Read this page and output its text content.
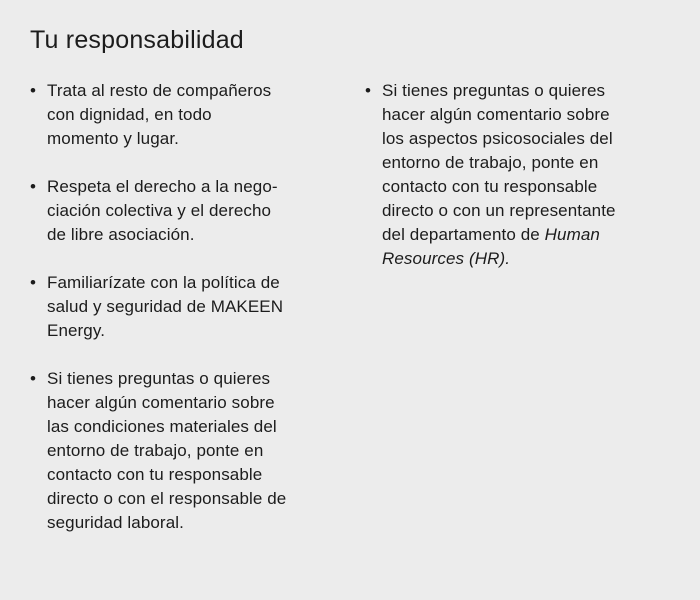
Tu responsabilidad
• Trata al resto de compañeros
con dignidad, en todo
momento y lugar.
• Respeta el derecho a la nego-
ciación colectiva y el derecho
de libre asociación.
• Familiarízate con la política de
salud y seguridad de MAKEEN
Energy.
• Si tienes preguntas o quieres
hacer algún comentario sobre
las condiciones materiales del
entorno de trabajo, ponte en
contacto con tu responsable
directo o con el responsable de
seguridad laboral.
• Si tienes preguntas o quieres
hacer algún comentario sobre
los aspectos psicosociales del
entorno de trabajo, ponte en
contacto con tu responsable
directo o con un representante
del departamento de Human
Resources (HR).
